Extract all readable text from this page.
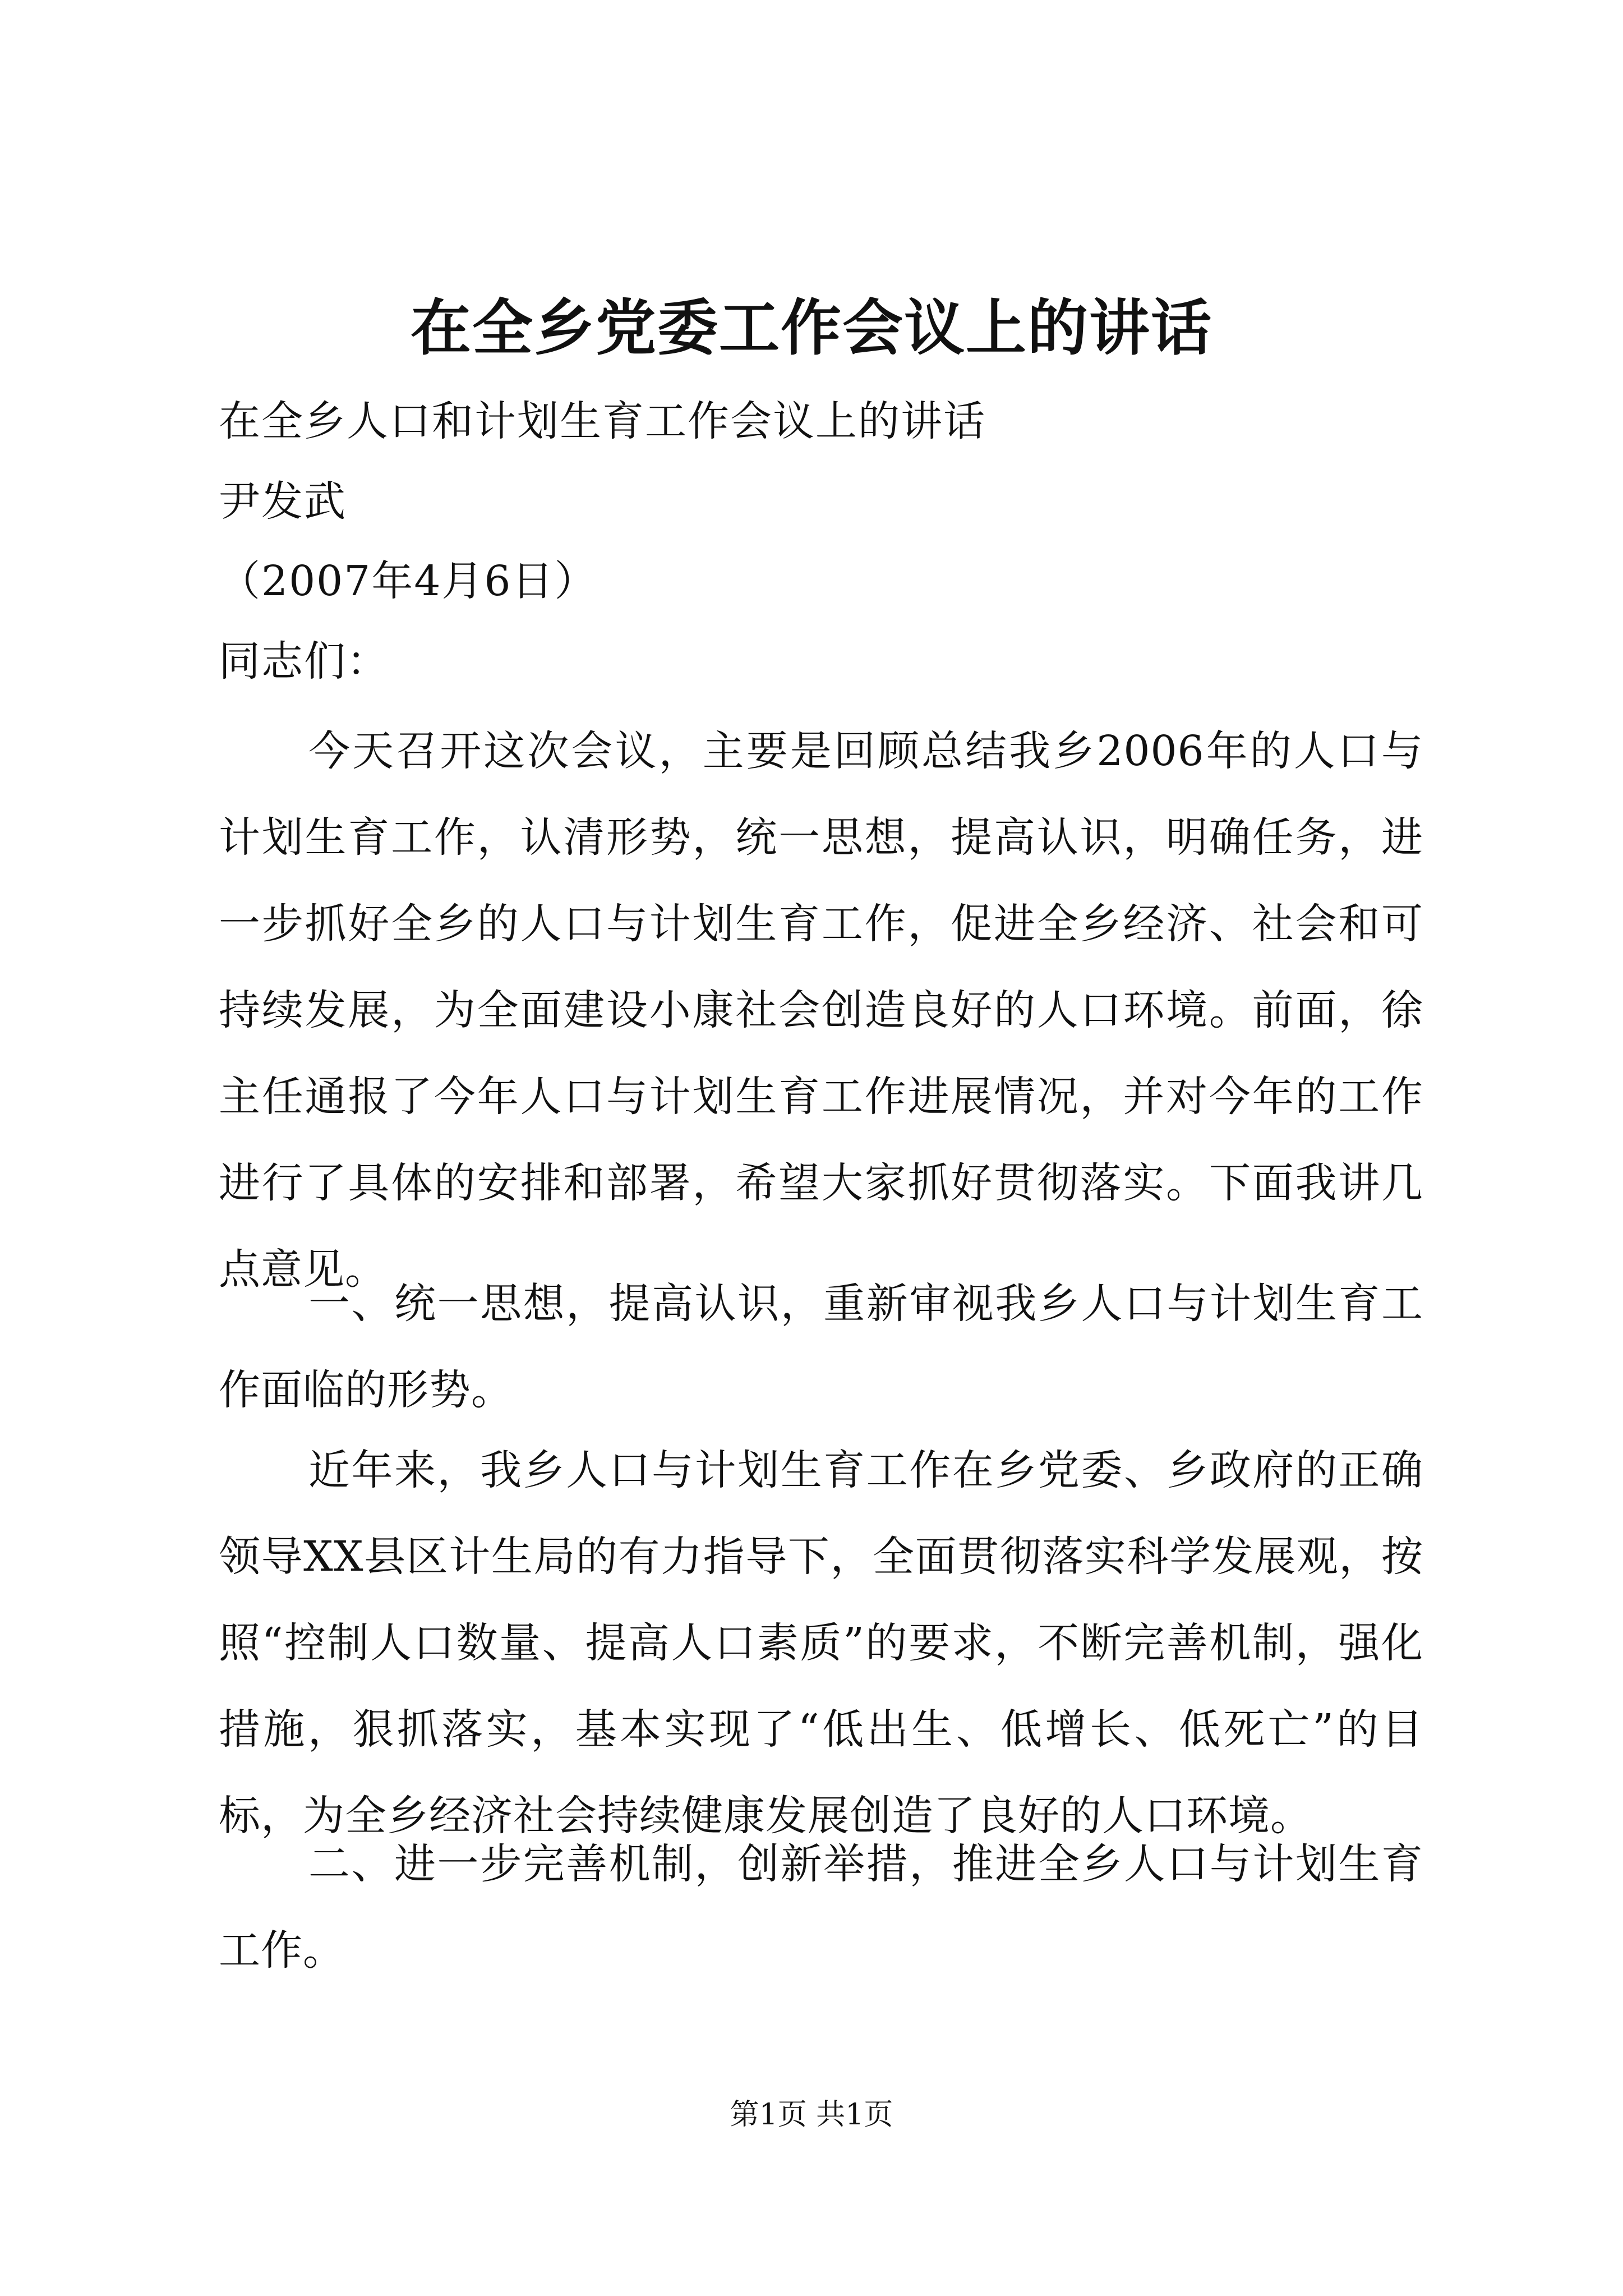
在全乡党委工作会议上的讲话
在全乡人口和计划生育工作会议上的讲话
尹发武
（2007年4月6日）
同志们：
今天召开这次会议，主要是回顾总结我乡2006年的人口与计划生育工作，认清形势，统一思想，提高认识，明确任务，进一步抓好全乡的人口与计划生育工作，促进全乡经济、社会和可持续发展，为全面建设小康社会创造良好的人口环境。前面，徐主任通报了今年人口与计划生育工作进展情况，并对今年的工作进行了具体的安排和部署，希望大家抓好贯彻落实。下面我讲几点意见。
一、统一思想，提高认识，重新审视我乡人口与计划生育工作面临的形势。
近年来，我乡人口与计划生育工作在乡党委、乡政府的正确领导XX县区计生局的有力指导下，全面贯彻落实科学发展观，按照“控制人口数量、提高人口素质”的要求，不断完善机制，强化措施，狠抓落实，基本实现了“低出生、低增长、低死亡”的目标，为全乡经济社会持续健康发展创造了良好的人口环境。
二、进一步完善机制，创新举措，推进全乡人口与计划生育工作。
第1页 共1页
